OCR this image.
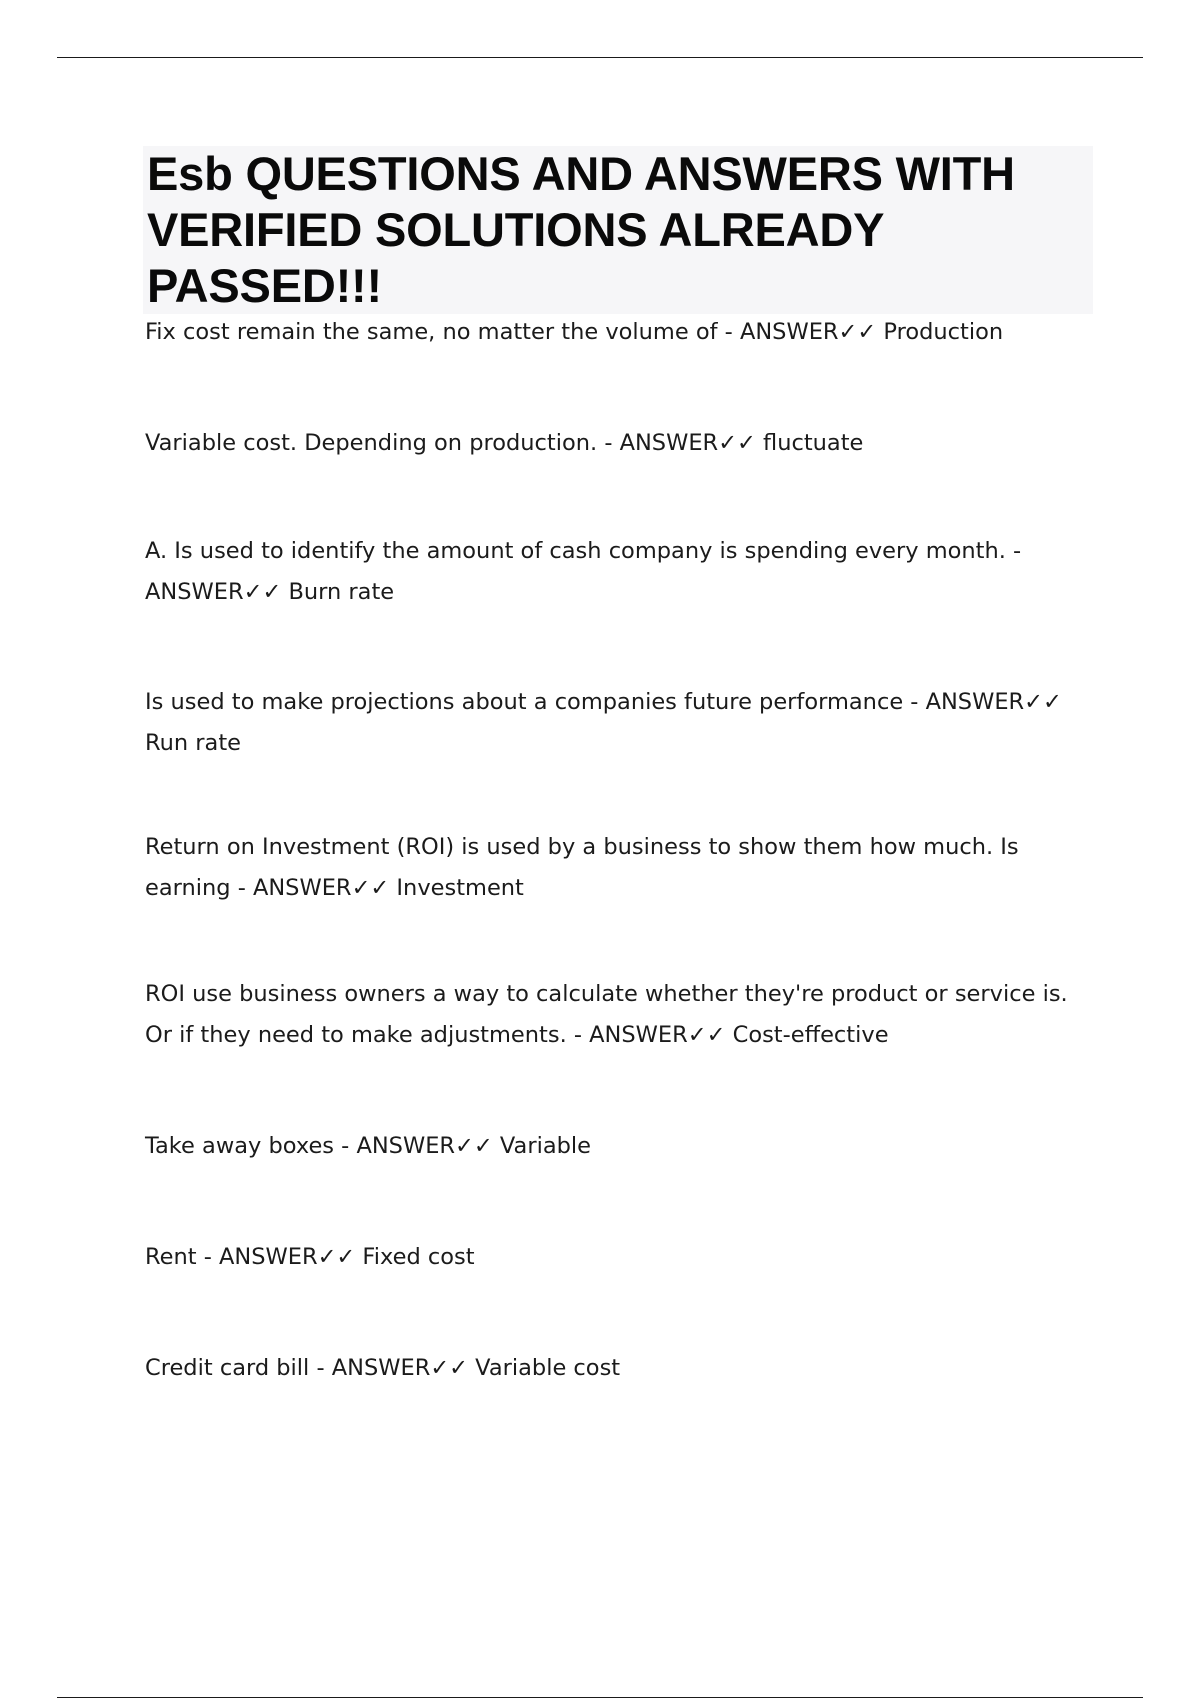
Esb QUESTIONS AND ANSWERS WITH VERIFIED SOLUTIONS ALREADY PASSED!!!

Fix cost remain the same, no matter the volume of - ANSWER✓✓ Production

Variable cost. Depending on production. - ANSWER✓✓ fluctuate

A. Is used to identify the amount of cash company is spending every month. - ANSWER✓✓ Burn rate

Is used to make projections about a companies future performance - ANSWER✓✓ Run rate

Return on Investment (ROI) is used by a business to show them how much. Is earning - ANSWER✓✓ Investment

ROI use business owners a way to calculate whether they're product or service is. Or if they need to make adjustments. - ANSWER✓✓ Cost-effective

Take away boxes - ANSWER✓✓ Variable

Rent - ANSWER✓✓ Fixed cost

Credit card bill - ANSWER✓✓ Variable cost
